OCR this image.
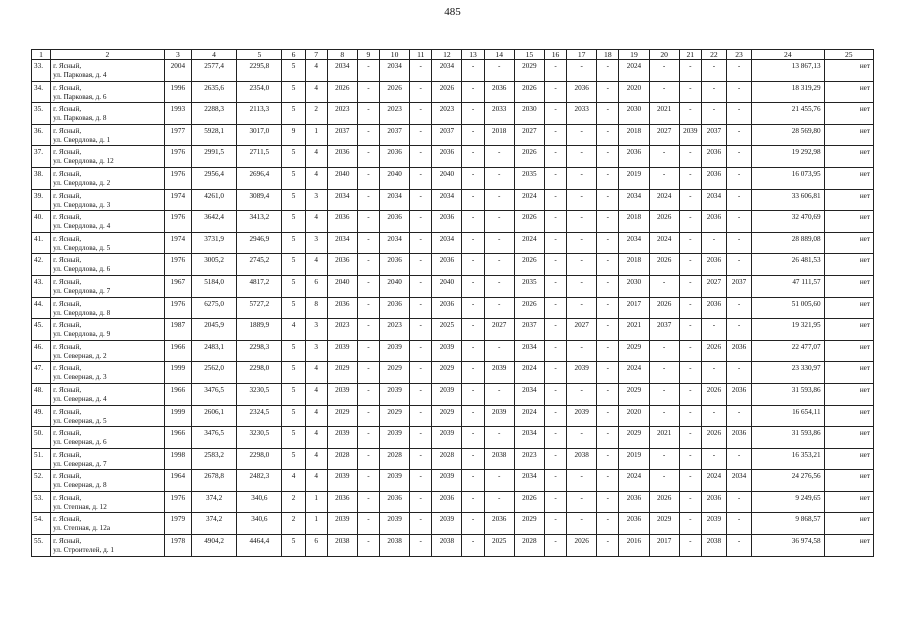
485
1	2	3	4	5	6	7	8	9	10	11	12	13	14	15	16	17	18	19	20	21	22	23	24	25
33.	г. Ясный,
ул. Парковая, д. 4	2004	2577,4	2295,8	5	4	2034	-	2034	-	2034	-	-	2029	-	-	-	2024	-	-	-	-	13 867,13	нет
34.	г. Ясный,
ул. Парковая, д. 6	1996	2635,6	2354,0	5	4	2026	-	2026	-	2026	-	2036	2026	-	2036	-	2020	-	-	-	-	18 319,29	нет
35.	г. Ясный,
ул. Парковая, д. 8	1993	2288,3	2113,3	5	2	2023	-	2023	-	2023	-	2033	2030	-	2033	-	2030	2021	-	-	-	21 455,76	нет
36.	г. Ясный,
ул. Свердлова, д. 1	1977	5928,1	3017,0	9	1	2037	-	2037	-	2037	-	2018	2027	-	-	-	2018	2027	2039	2037	-	28 569,80	нет
37.	г. Ясный,
ул. Свердлова, д. 12	1976	2991,5	2711,5	5	4	2036	-	2036	-	2036	-	-	2026	-	-	-	2036	-	-	2036	-	19 292,98	нет
38.	г. Ясный,
ул. Свердлова, д. 2	1976	2956,4	2696,4	5	4	2040	-	2040	-	2040	-	-	2035	-	-	-	2019	-	-	2036	-	16 073,95	нет
39.	г. Ясный,
ул. Свердлова, д. 3	1974	4261,0	3089,4	5	3	2034	-	2034	-	2034	-	-	2024	-	-	-	2034	2024	-	2034	-	33 606,81	нет
40.	г. Ясный,
ул. Свердлова, д. 4	1976	3642,4	3413,2	5	4	2036	-	2036	-	2036	-	-	2026	-	-	-	2018	2026	-	2036	-	32 470,69	нет
41.	г. Ясный,
ул. Свердлова, д. 5	1974	3731,9	2946,9	5	3	2034	-	2034	-	2034	-	-	2024	-	-	-	2034	2024	-	-	-	28 889,08	нет
42.	г. Ясный,
ул. Свердлова, д. 6	1976	3005,2	2745,2	5	4	2036	-	2036	-	2036	-	-	2026	-	-	-	2018	2026	-	2036	-	26 481,53	нет
43.	г. Ясный,
ул. Свердлова, д. 7	1967	5184,0	4817,2	5	6	2040	-	2040	-	2040	-	-	2035	-	-	-	2030	-	-	2027	2037	47 111,57	нет
44.	г. Ясный,
ул. Свердлова, д. 8	1976	6275,0	5727,2	5	8	2036	-	2036	-	2036	-	-	2026	-	-	-	2017	2026	-	2036	-	51 005,60	нет
45.	г. Ясный,
ул. Свердлова, д. 9	1987	2045,9	1889,9	4	3	2023	-	2023	-	2025	-	2027	2037	-	2027	-	2021	2037	-	-	-	19 321,95	нет
46.	г. Ясный,
ул. Северная, д. 2	1966	2483,1	2298,3	5	3	2039	-	2039	-	2039	-	-	2034	-	-	-	2029	-	-	2026	2036	22 477,07	нет
47.	г. Ясный,
ул. Северная, д. 3	1999	2562,0	2298,0	5	4	2029	-	2029	-	2029	-	2039	2024	-	2039	-	2024	-	-	-	-	23 330,97	нет
48.	г. Ясный,
ул. Северная, д. 4	1966	3476,5	3230,5	5	4	2039	-	2039	-	2039	-	-	2034	-	-	-	2029	-	-	2026	2036	31 593,86	нет
49.	г. Ясный,
ул. Северная, д. 5	1999	2606,1	2324,5	5	4	2029	-	2029	-	2029	-	2039	2024	-	2039	-	2020	-	-	-	-	16 654,11	нет
50.	г. Ясный,
ул. Северная, д. 6	1966	3476,5	3230,5	5	4	2039	-	2039	-	2039	-	-	2034	-	-	-	2029	2021	-	2026	2036	31 593,86	нет
51.	г. Ясный,
ул. Северная, д. 7	1998	2583,2	2298,0	5	4	2028	-	2028	-	2028	-	2038	2023	-	2038	-	2019	-	-	-	-	16 353,21	нет
52.	г. Ясный,
ул. Северная, д. 8	1964	2678,8	2482,3	4	4	2039	-	2039	-	2039	-	-	2034	-	-	-	2024	-	-	2024	2034	24 276,56	нет
53.	г. Ясный,
ул. Степная, д. 12	1976	374,2	340,6	2	1	2036	-	2036	-	2036	-	-	2026	-	-	-	2036	2026	-	2036	-	9 249,65	нет
54.	г. Ясный,
ул. Степная, д. 12а	1979	374,2	340,6	2	1	2039	-	2039	-	2039	-	2036	2029	-	-	-	2036	2029	-	2039	-	9 868,57	нет
55.	г. Ясный,
ул. Строителей, д. 1	1978	4904,2	4464,4	5	6	2038	-	2038	-	2038	-	2025	2028	-	2026	-	2016	2017	-	2038	-	36 974,58	нет
